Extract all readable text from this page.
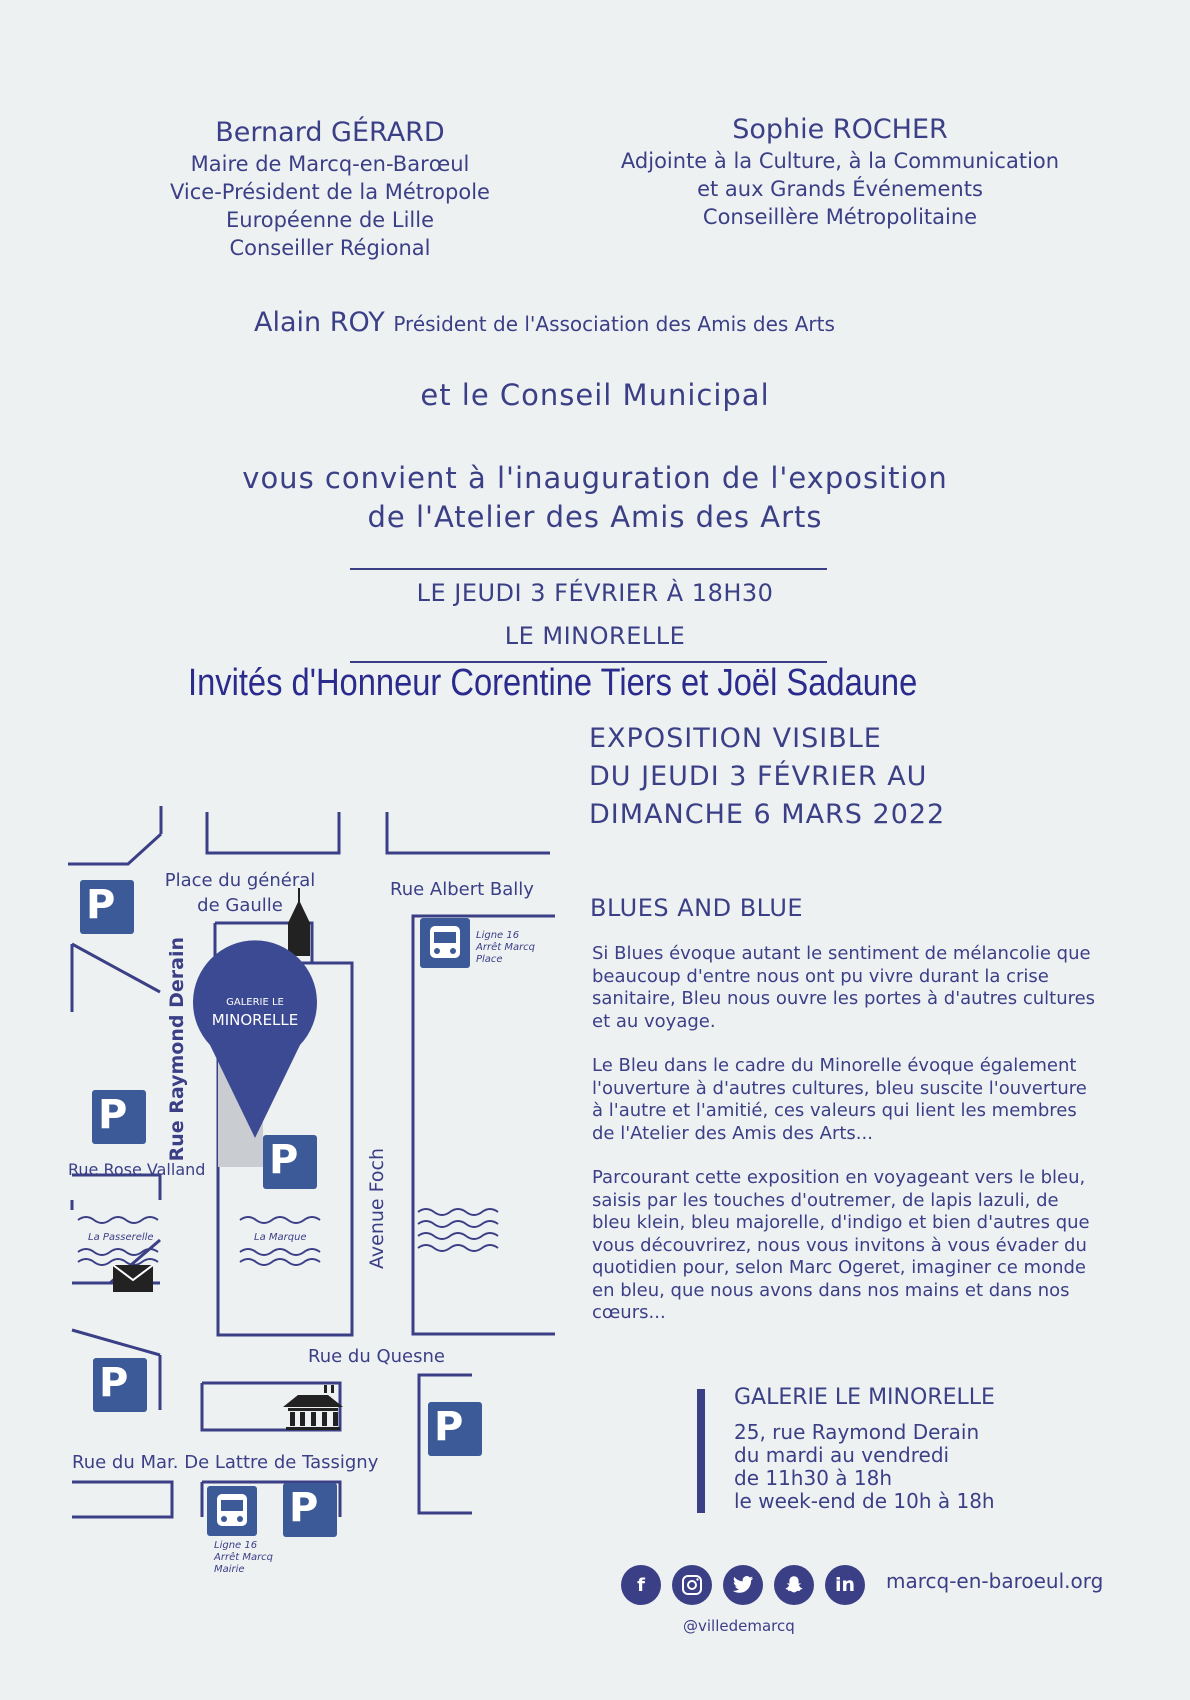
Bernard GÉRARD
Maire de Marcq-en-Barœul
Vice-Président de la Métropole
Européenne de Lille
Conseiller Régional
Sophie ROCHER
Adjointe à la Culture, à la Communication
et aux Grands Événements
Conseillère Métropolitaine
Alain ROY Président de l'Association des Amis des Arts
et le Conseil Municipal
vous convient à l'inauguration de l'exposition
de l'Atelier des Amis des Arts
LE JEUDI 3 FÉVRIER À 18H30
LE MINORELLE
Invités d'Honneur Corentine Tiers et Joël Sadaune
EXPOSITION VISIBLE
DU JEUDI 3 FÉVRIER AU
DIMANCHE 6 MARS 2022
BLUES AND BLUE

Si Blues évoque autant le sentiment de mélancolie que beaucoup d'entre nous ont pu vivre durant la crise sanitaire, Bleu nous ouvre les portes à d'autres cultures et au voyage.

Le Bleu dans le cadre du Minorelle évoque également l'ouverture à d'autres cultures, bleu suscite l'ouverture à l'autre et l'amitié, ces valeurs qui lient les membres de l'Atelier des Amis des Arts...

Parcourant cette exposition en voyageant vers le bleu, saisis par les touches d'outremer, de lapis lazuli, de bleu klein, bleu majorelle, d'indigo et bien d'autres que vous découvrirez, nous vous invitons à vous évader du quotidien pour, selon Marc Ogeret, imaginer ce monde en bleu, que nous avons dans nos mains et dans nos cœurs...

GALERIE LE MINORELLE
25, rue Raymond Derain
du mardi au vendredi
de 11h30 à 18h
le week-end de 10h à 18h
f	in	marcq-en-baroeul.org
@villedemarcq
Place du général
de Gaulle
Rue Albert Bally
Rue Raymond Derain
Rue Rose Valland	Avenue Foch
Rue du Quesne
Rue du Mar. De Lattre de Tassigny
La Passerelle	La Marque
GALERIE LE
MINORELLE
P
P
P
P
P
P
Ligne 16
Arrêt Marcq
Place
Ligne 16
Arrêt Marcq
Mairie
